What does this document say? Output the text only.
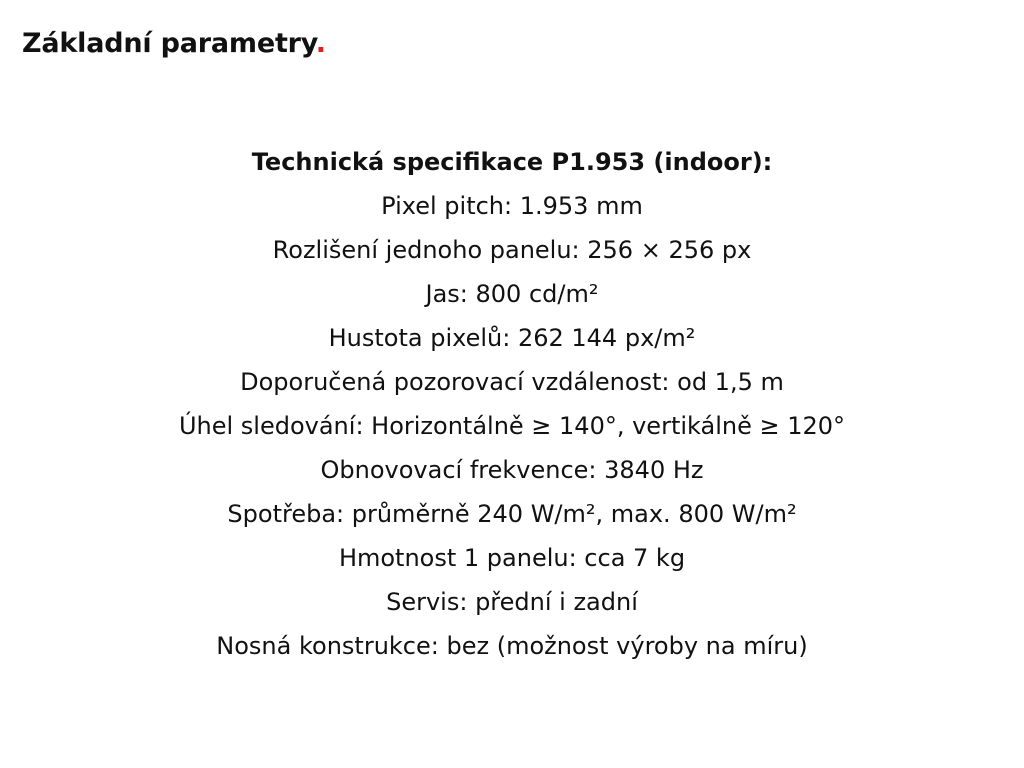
Základní parametry.

Technická specifikace P1.953 (indoor):

Pixel pitch: 1.953 mm
Rozlišení jednoho panelu: 256 × 256 px
Jas: 800 cd/m²
Hustota pixelů: 262 144 px/m²
Doporučená pozorovací vzdálenost: od 1,5 m
Úhel sledování: Horizontálně ≥ 140°, vertikálně ≥ 120°
Obnovovací frekvence: 3840 Hz
Spotřeba: průměrně 240 W/m², max. 800 W/m²
Hmotnost 1 panelu: cca 7 kg
Servis: přední i zadní
Nosná konstrukce: bez (možnost výroby na míru)
